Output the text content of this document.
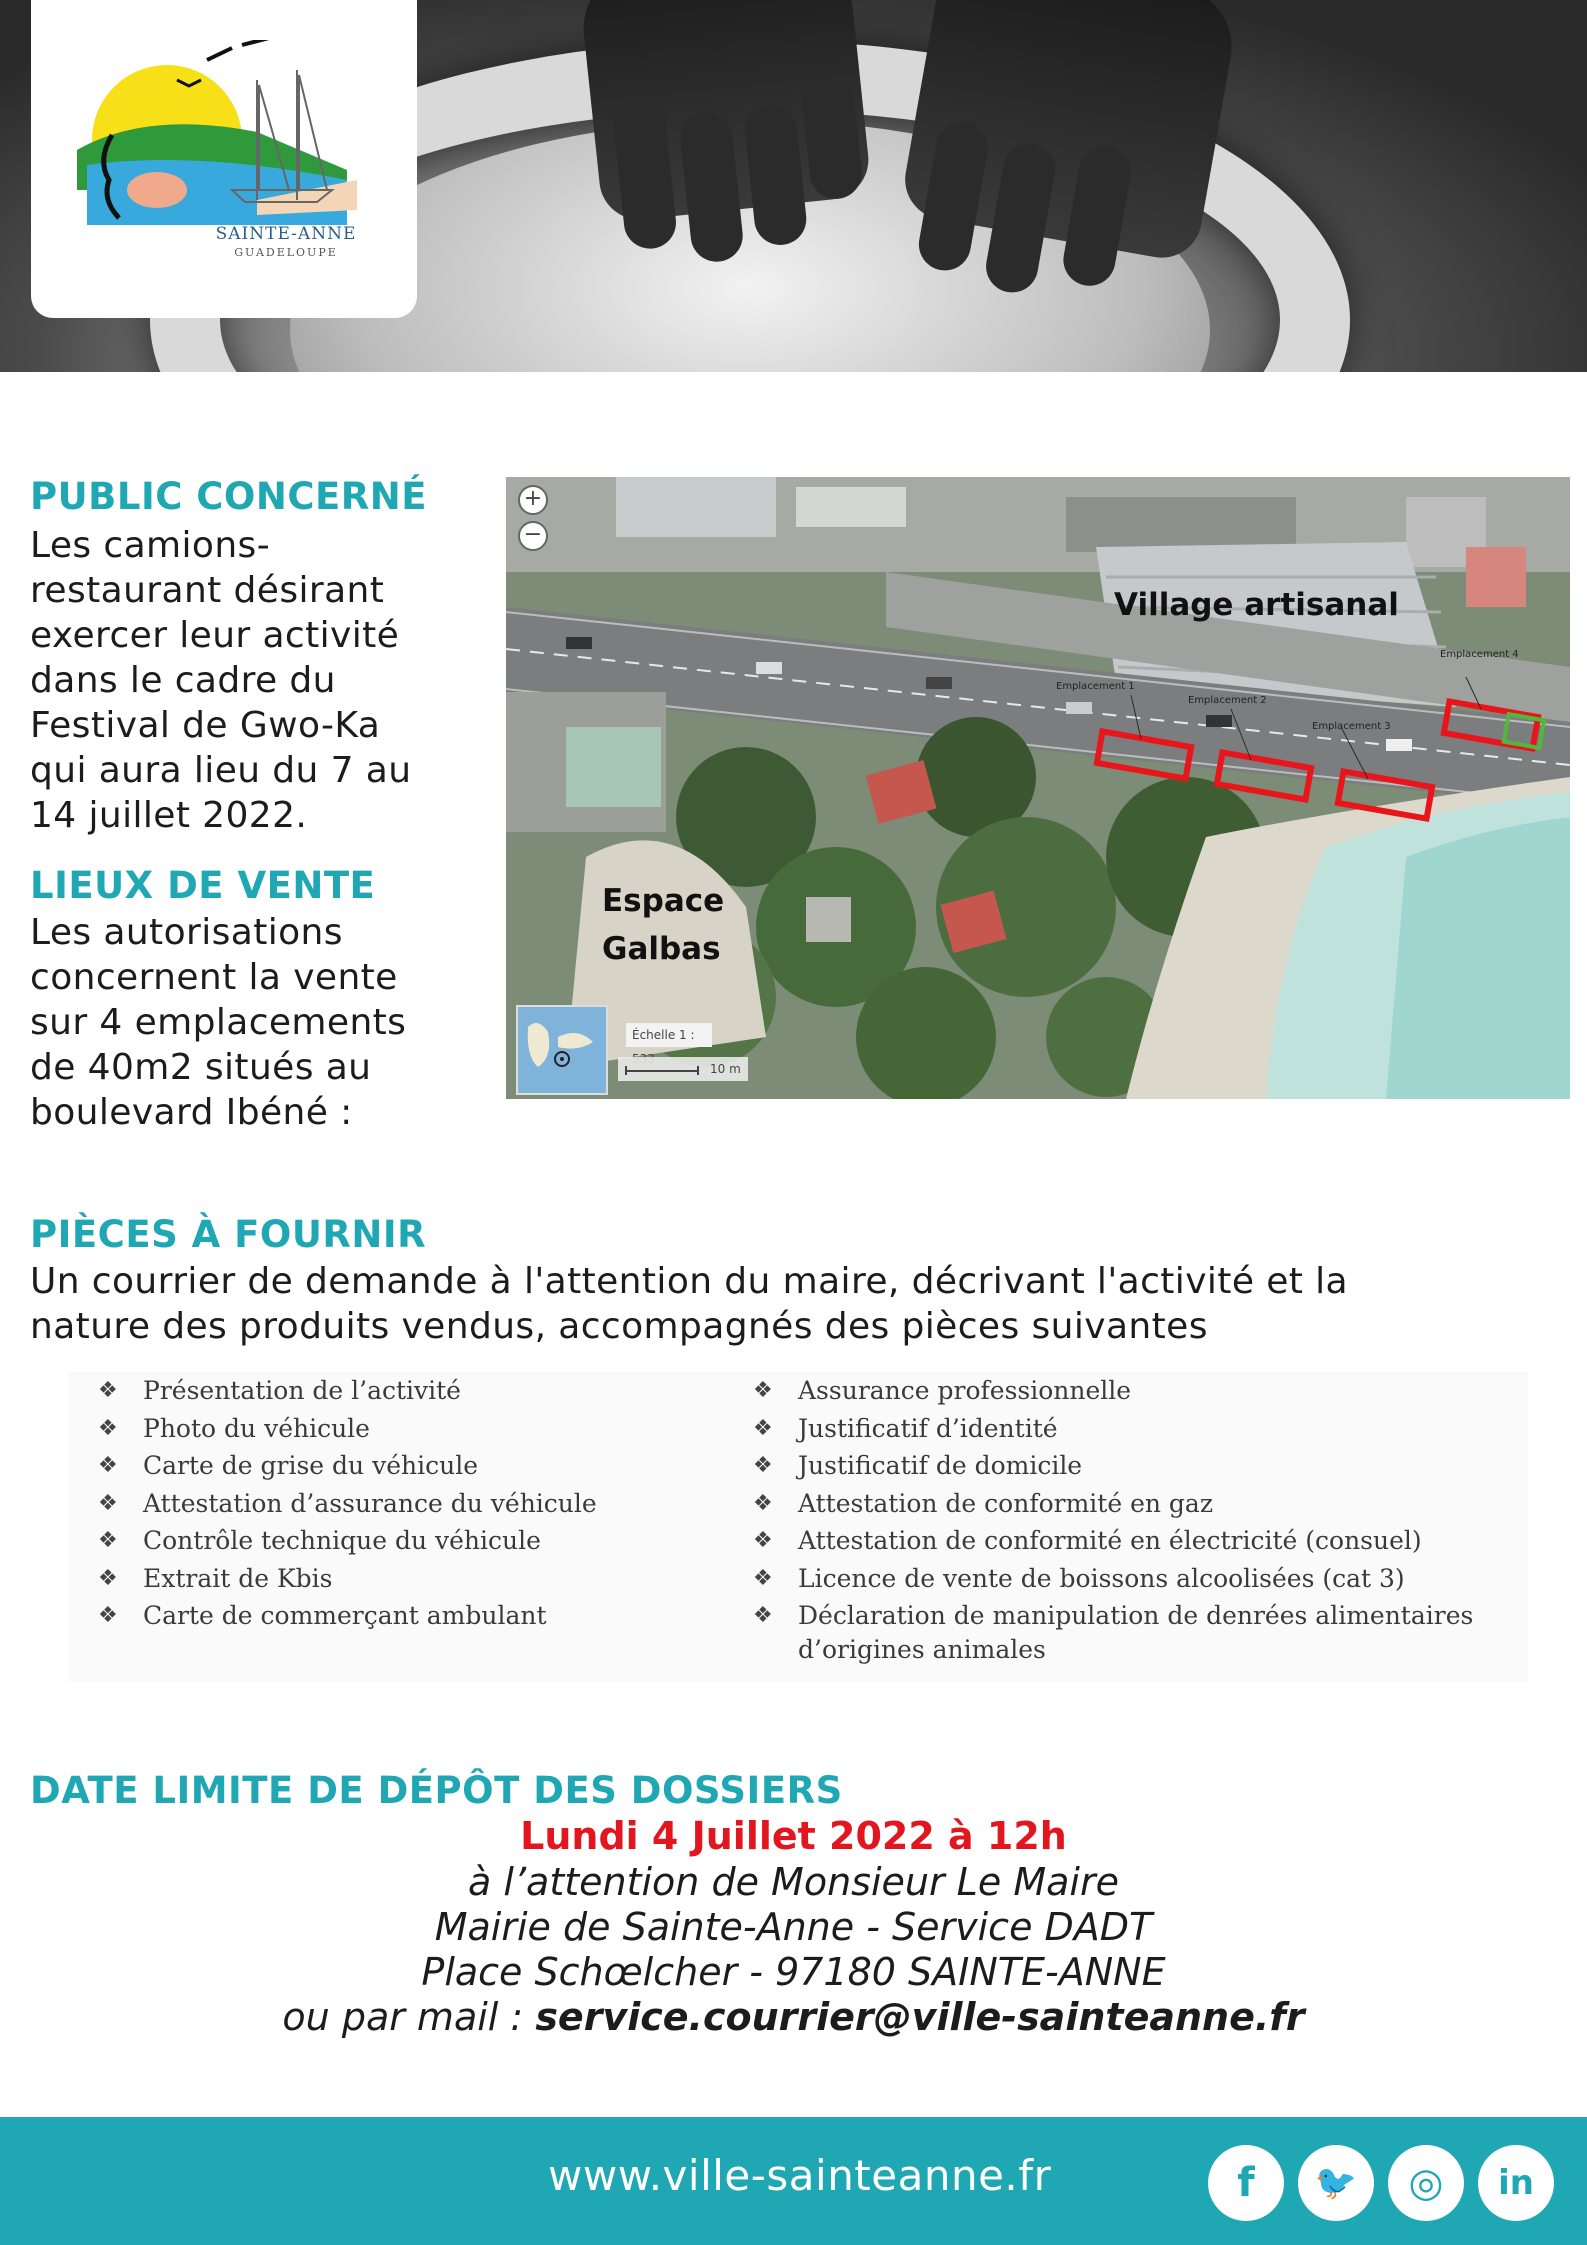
SAINTE-ANNE
GUADELOUPE
PUBLIC CONCERNÉ
Les camions-
restaurant désirant
exercer leur activité
dans le cadre du
Festival de Gwo-Ka
qui aura lieu du 7 au
14 juillet 2022.
LIEUX DE VENTE
Les autorisations
concernent la vente
sur 4 emplacements
de 40m2 situés au
boulevard Ibéné :
+
−
Village artisanal
Espace
Galbas
Emplacement 1
Emplacement 2
Emplacement 3
Emplacement 4
Échelle 1 :
10 m
PIÈCES À FOURNIR
Un courrier de demande à l'attention du maire, décrivant l'activité et la
nature des produits vendus, accompagnés des pièces suivantes
❖ Présentation de l’activité
❖ Photo du véhicule
❖ Carte de grise du véhicule
❖ Attestation d’assurance du véhicule
❖ Contrôle technique du véhicule
❖ Extrait de Kbis
❖ Carte de commerçant ambulant
❖ Assurance professionnelle
❖ Justificatif d’identité
❖ Justificatif de domicile
❖ Attestation de conformité en gaz
❖ Attestation de conformité en électricité (consuel)
❖ Licence de vente de boissons alcoolisées (cat 3)
❖ Déclaration de manipulation de denrées alimentaires
d’origines animales
DATE LIMITE DE DÉPÔT DES DOSSIERS
Lundi 4 Juillet 2022 à 12h
à l’attention de Monsieur Le Maire
Mairie de Sainte-Anne - Service DADT
Place Schœlcher - 97180 SAINTE-ANNE
ou par mail : service.courrier@ville-sainteanne.fr
www.ville-sainteanne.fr	f	🐦	◎	in
